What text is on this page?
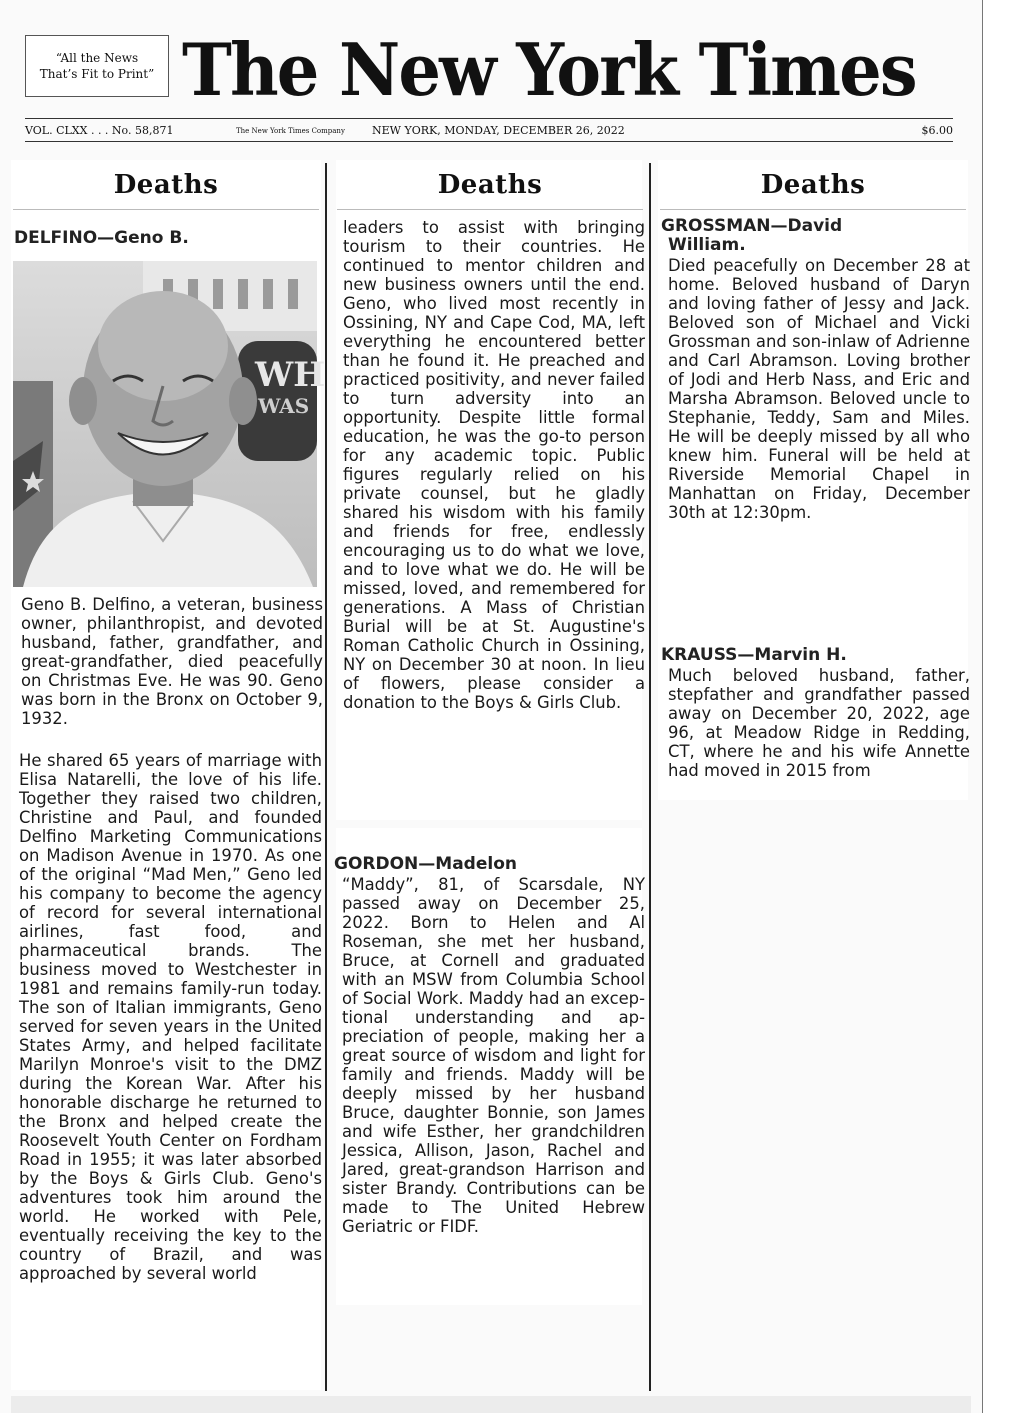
“All the News
That’s Fit to Print” The New York Times
VOL. CLXX . . . No. 58,871	The New York Times Company NEW YORK, MONDAY, DECEMBER 26, 2022	$6.00
Deaths	Deaths	Deaths
DELFINO—Geno B.
WH
WAS
Geno B. Delfino, a veteran, business owner, philanthropist, and devoted husband, father, grandfather, and great-grandfather, died peacefully on Christmas Eve. He was 90. Geno was born in the Bronx on October 9, 1932.
He shared 65 years of marriage with Elisa Natarelli, the love of his life. Together they raised two children, Christine and Paul, and founded Delfino Marketing Communications on Madison Avenue in 1970. As one of the original “Mad Men,” Geno led his company to become the agency of record for several international airlines, fast food, and pharmaceutical brands. The business moved to Westchester in 1981 and remains family-run today. The son of Italian immigrants, Geno served for seven years in the United States Army, and helped facilitate Marilyn Monroe's visit to the DMZ during the Korean War. After his honorable discharge he returned to the Bronx and helped create the Roosevelt Youth Center on Fordham Road in 1955; it was later absorbed by the Boys & Girls Club. Geno's adventures took him around the world. He worked with Pele, eventually receiving the key to the country of Brazil, and was approached by several world
leaders to assist with bringing tourism to their countries. He continued to mentor children and new business owners until the end. Geno, who lived most recently in Ossining, NY and Cape Cod, MA, left everything he encountered better than he found it. He preached and practiced positivity, and never failed to turn adversity into an opportunity. Despite little formal education, he was the go-to person for any academic topic. Public figures regularly relied on his private counsel, but he gladly shared his wisdom with his family and friends for free, endlessly encouraging us to do what we love, and to love what we do. He will be missed, loved, and remembered for generations. A Mass of Christian Burial will be at St. Augustine's Roman Catholic Church in Ossining, NY on December 30 at noon. In lieu of flowers, please consider a donation to the Boys & Girls Club.
GORDON—Madelon
“Maddy”, 81, of Scarsdale, NY passed away on December 25, 2022. Born to Helen and Al Roseman, she met her husband, Bruce, at Cornell and graduated with an MSW from Columbia School of Social Work. Maddy had an exceptional understanding and appreciation of people, making her a great source of wisdom and light for family and friends. Maddy will be deeply missed by her husband Bruce, daughter Bonnie, son James and wife Esther, her grandchildren Jessica, Allison, Jason, Rachel and Jared, great-grandson Harrison and sister Brandy. Contributions can be made to The United Hebrew Geriatric or FIDF.
GROSSMAN—David
William.
Died peacefully on December 28 at home. Beloved husband of Daryn and loving father of Jessy and Jack. Beloved son of Michael and Vicki Grossman and son-inlaw of Adrienne and Carl Abramson. Loving brother of Jodi and Herb Nass, and Eric and Marsha Abramson. Beloved uncle to Stephanie, Teddy, Sam and Miles. He will be deeply missed by all who knew him. Funeral will be held at Riverside Memorial Chapel in Manhattan on Friday, December 30th at 12:30pm.
KRAUSS—Marvin H.
Much beloved husband, father, stepfather and grandfather passed away on December 20, 2022, age 96, at Meadow Ridge in Redding, CT, where he and his wife Annette had moved in 2015 from
